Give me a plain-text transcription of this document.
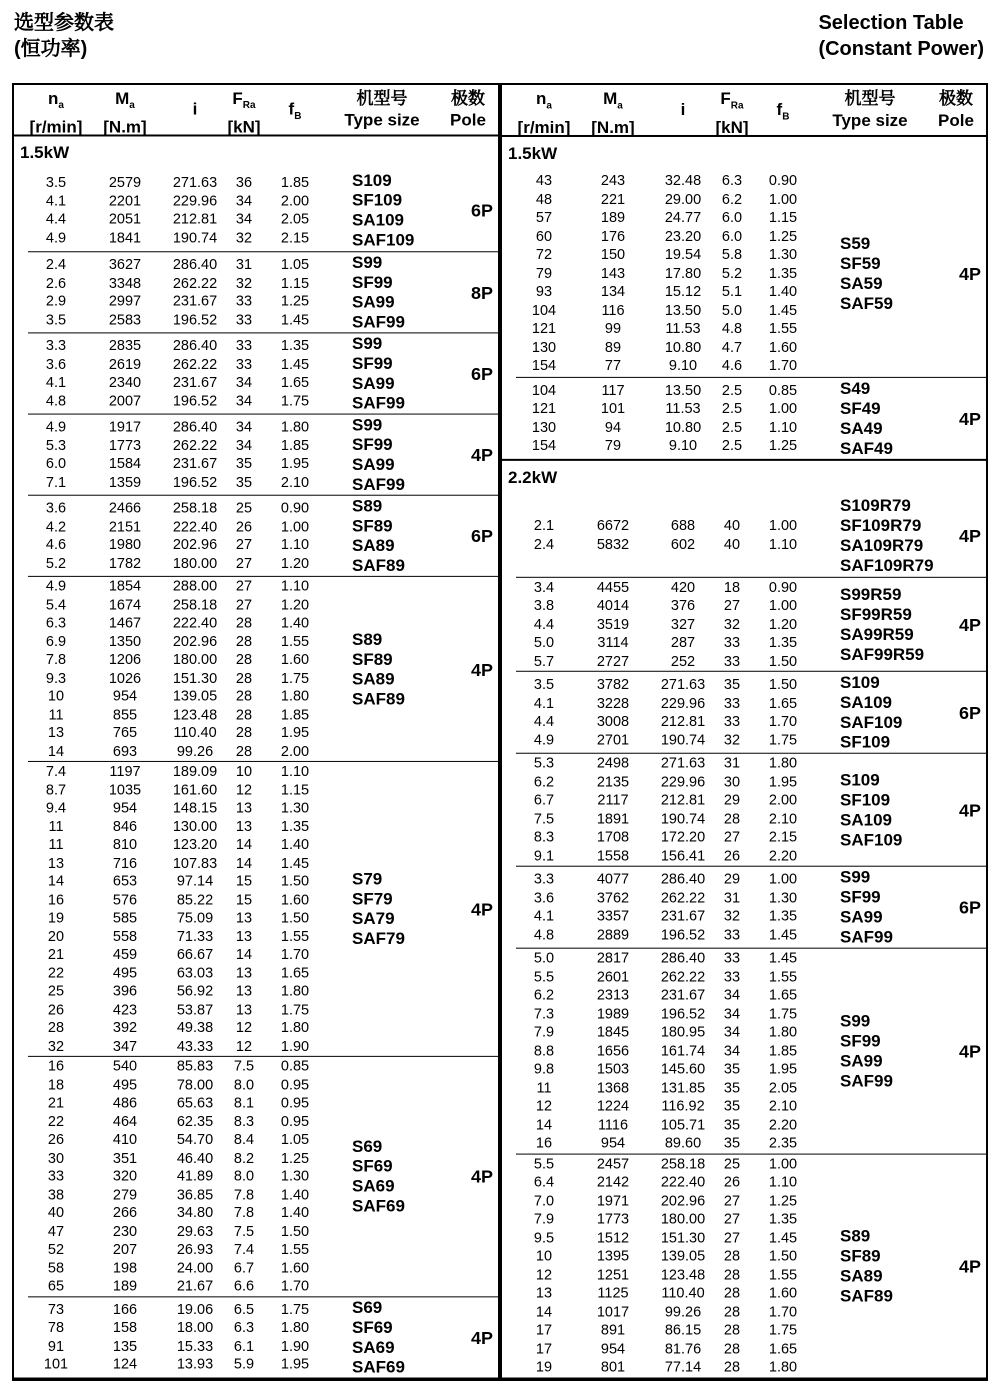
选型参数表
(恒功率)
Selection Table
(Constant Power)
$n_a$
[r/min]
$M_a$
[N.m]
i
$F_{Ra}$
[kN]
$f_B$
机型号
Type size
极数
Pole
1.5kW
3.5	2579	271.63	36	1.85
4.1	2201	229.96	34	2.00
4.4	2051	212.81	34	2.05
4.9	1841	190.74	32	2.15
S109
SF109
SA109
SAF109
6P
2.4	3627	286.40	31	1.05
2.6	3348	262.22	32	1.15
2.9	2997	231.67	33	1.25
3.5	2583	196.52	33	1.45
S99
SF99
SA99
SAF99
8P
3.3	2835	286.40	33	1.35
3.6	2619	262.22	33	1.45
4.1	2340	231.67	34	1.65
4.8	2007	196.52	34	1.75
S99
SF99
SA99
SAF99
6P
4.9	1917	286.40	34	1.80
5.3	1773	262.22	34	1.85
6.0	1584	231.67	35	1.95
7.1	1359	196.52	35	2.10
S99
SF99
SA99
SAF99
4P
3.6	2466	258.18	25	0.90
4.2	2151	222.40	26	1.00
4.6	1980	202.96	27	1.10
5.2	1782	180.00	27	1.20
S89
SF89
SA89
SAF89
6P
4.9	1854	288.00	27	1.10
5.4	1674	258.18	27	1.20
6.3	1467	222.40	28	1.40
6.9	1350	202.96	28	1.55
7.8	1206	180.00	28	1.60
9.3	1026	151.30	28	1.75
10	954	139.05	28	1.80
11	855	123.48	28	1.85
13	765	110.40	28	1.95
14	693	99.26	28	2.00
S89
SF89
SA89
SAF89
4P
7.4	1197	189.09	10	1.10
8.7	1035	161.60	12	1.15
9.4	954	148.15	13	1.30
11	846	130.00	13	1.35
11	810	123.20	14	1.40
13	716	107.83	14	1.45
14	653	97.14	15	1.50
16	576	85.22	15	1.60
19	585	75.09	13	1.50
20	558	71.33	13	1.55
21	459	66.67	14	1.70
22	495	63.03	13	1.65
25	396	56.92	13	1.80
26	423	53.87	13	1.75
28	392	49.38	12	1.80
32	347	43.33	12	1.90
S79
SF79
SA79
SAF79
4P
16	540	85.83	7.5	0.85
18	495	78.00	8.0	0.95
21	486	65.63	8.1	0.95
22	464	62.35	8.3	0.95
26	410	54.70	8.4	1.05
30	351	46.40	8.2	1.25
33	320	41.89	8.0	1.30
38	279	36.85	7.8	1.40
40	266	34.80	7.8	1.40
47	230	29.63	7.5	1.50
52	207	26.93	7.4	1.55
58	198	24.00	6.7	1.60
65	189	21.67	6.6	1.70
S69
SF69
SA69
SAF69
4P
73	166	19.06	6.5	1.75
78	158	18.00	6.3	1.80
91	135	15.33	6.1	1.90
101	124	13.93	5.9	1.95
S69
SF69
SA69
SAF69
4P
$n_a$
[r/min]
$M_a$
[N.m]
i
$F_{Ra}$
[kN]
$f_B$
机型号
Type size
极数
Pole
1.5kW
43	243	32.48	6.3	0.90
48	221	29.00	6.2	1.00
57	189	24.77	6.0	1.15
60	176	23.20	6.0	1.25
72	150	19.54	5.8	1.30
79	143	17.80	5.2	1.35
93	134	15.12	5.1	1.40
104	116	13.50	5.0	1.45
121	99	11.53	4.8	1.55
130	89	10.80	4.7	1.60
154	77	9.10	4.6	1.70
S59
SF59
SA59
SAF59
4P
104	117	13.50	2.5	0.85
121	101	11.53	2.5	1.00
130	94	10.80	2.5	1.10
154	79	9.10	2.5	1.25
S49
SF49
SA49
SAF49
4P
2.2kW
2.1	6672	688	40	1.00
2.4	5832	602	40	1.10
S109R79
SF109R79
SA109R79
SAF109R79
4P
3.4	4455	420	18	0.90
3.8	4014	376	27	1.00
4.4	3519	327	32	1.20
5.0	3114	287	33	1.35
5.7	2727	252	33	1.50
S99R59
SF99R59
SA99R59
SAF99R59
4P
3.5	3782	271.63	35	1.50
4.1	3228	229.96	33	1.65
4.4	3008	212.81	33	1.70
4.9	2701	190.74	32	1.75
S109
SA109
SAF109
SF109
6P
5.3	2498	271.63	31	1.80
6.2	2135	229.96	30	1.95
6.7	2117	212.81	29	2.00
7.5	1891	190.74	28	2.10
8.3	1708	172.20	27	2.15
9.1	1558	156.41	26	2.20
S109
SF109
SA109
SAF109
4P
3.3	4077	286.40	29	1.00
3.6	3762	262.22	31	1.30
4.1	3357	231.67	32	1.35
4.8	2889	196.52	33	1.45
S99
SF99
SA99
SAF99
6P
5.0	2817	286.40	33	1.45
5.5	2601	262.22	33	1.55
6.2	2313	231.67	34	1.65
7.3	1989	196.52	34	1.75
7.9	1845	180.95	34	1.80
8.8	1656	161.74	34	1.85
9.8	1503	145.60	35	1.95
11	1368	131.85	35	2.05
12	1224	116.92	35	2.10
14	1116	105.71	35	2.20
16	954	89.60	35	2.35
S99
SF99
SA99
SAF99
4P
5.5	2457	258.18	25	1.00
6.4	2142	222.40	26	1.10
7.0	1971	202.96	27	1.25
7.9	1773	180.00	27	1.35
9.5	1512	151.30	27	1.45
10	1395	139.05	28	1.50
12	1251	123.48	28	1.55
13	1125	110.40	28	1.60
14	1017	99.26	28	1.70
17	891	86.15	28	1.75
17	954	81.76	28	1.65
19	801	77.14	28	1.80
S89
SF89
SA89
SAF89
4P
